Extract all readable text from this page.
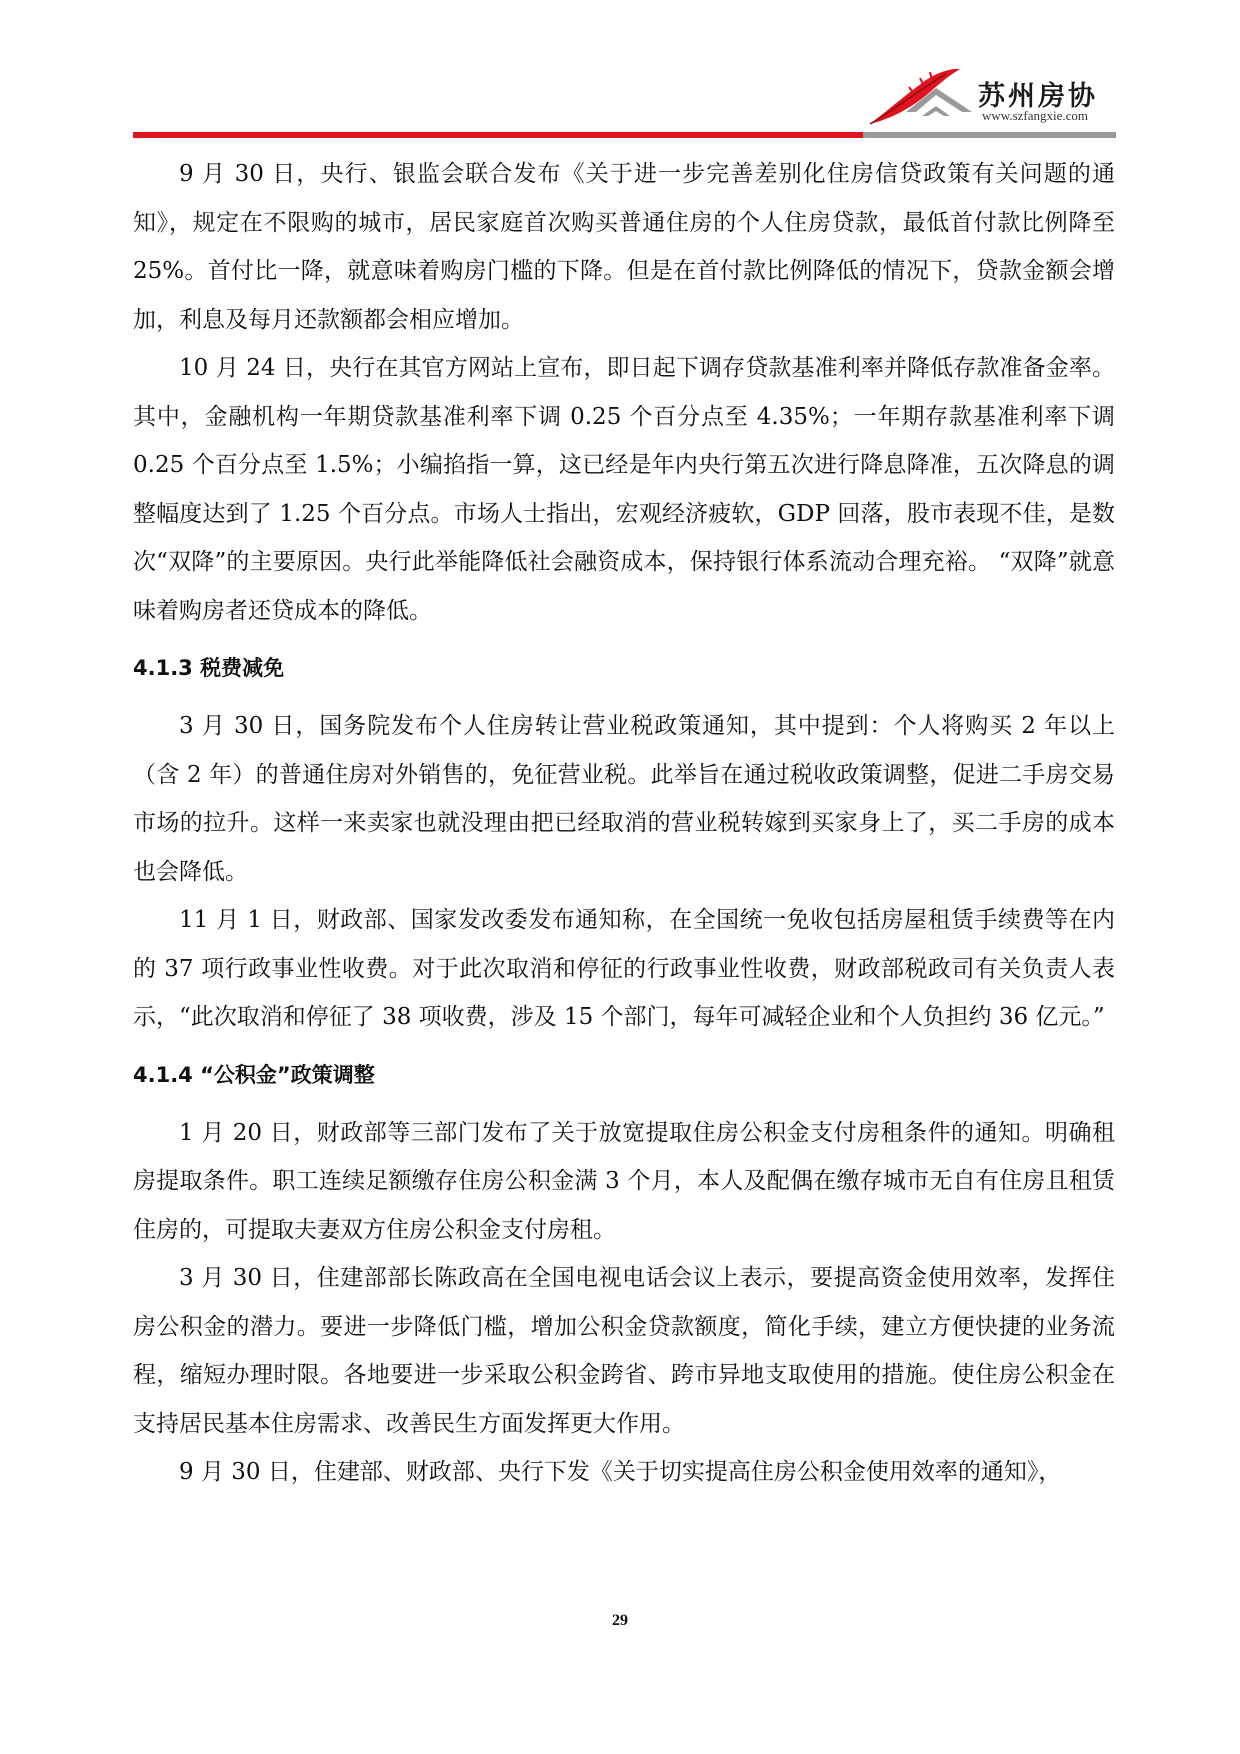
苏州房协
www.szfangxie.com

9 月 30 日，央行、银监会联合发布《关于进一步完善差别化住房信贷政策有关问题的通知》，规定在不限购的城市，居民家庭首次购买普通住房的个人住房贷款，最低首付款比例降至 25%。首付比一降，就意味着购房门槛的下降。但是在首付款比例降低的情况下，贷款金额会增加，利息及每月还款额都会相应增加。

10 月 24 日，央行在其官方网站上宣布，即日起下调存贷款基准利率并降低存款准备金率。其中，金融机构一年期贷款基准利率下调 0.25 个百分点至 4.35%；一年期存款基准利率下调 0.25 个百分点至 1.5%；小编掐指一算，这已经是年内央行第五次进行降息降准，五次降息的调整幅度达到了 1.25 个百分点。市场人士指出，宏观经济疲软，GDP 回落，股市表现不佳，是数次“双降”的主要原因。央行此举能降低社会融资成本，保持银行体系流动合理充裕。 “双降”就意味着购房者还贷成本的降低。

4.1.3 税费减免

3 月 30 日，国务院发布个人住房转让营业税政策通知，其中提到：个人将购买 2 年以上（含 2 年）的普通住房对外销售的，免征营业税。此举旨在通过税收政策调整，促进二手房交易市场的拉升。这样一来卖家也就没理由把已经取消的营业税转嫁到买家身上了，买二手房的成本也会降低。

11 月 1 日，财政部、国家发改委发布通知称，在全国统一免收包括房屋租赁手续费等在内的 37 项行政事业性收费。对于此次取消和停征的行政事业性收费，财政部税政司有关负责人表示，“此次取消和停征了 38 项收费，涉及 15 个部门，每年可减轻企业和个人负担约 36 亿元。”

4.1.4 “公积金”政策调整

1 月 20 日，财政部等三部门发布了关于放宽提取住房公积金支付房租条件的通知。明确租房提取条件。职工连续足额缴存住房公积金满 3 个月，本人及配偶在缴存城市无自有住房且租赁住房的，可提取夫妻双方住房公积金支付房租。

3 月 30 日，住建部部长陈政高在全国电视电话会议上表示，要提高资金使用效率，发挥住房公积金的潜力。要进一步降低门槛，增加公积金贷款额度，简化手续，建立方便快捷的业务流程，缩短办理时限。各地要进一步采取公积金跨省、跨市异地支取使用的措施。使住房公积金在支持居民基本住房需求、改善民生方面发挥更大作用。

9 月 30 日，住建部、财政部、央行下发《关于切实提高住房公积金使用效率的通知》，

29
